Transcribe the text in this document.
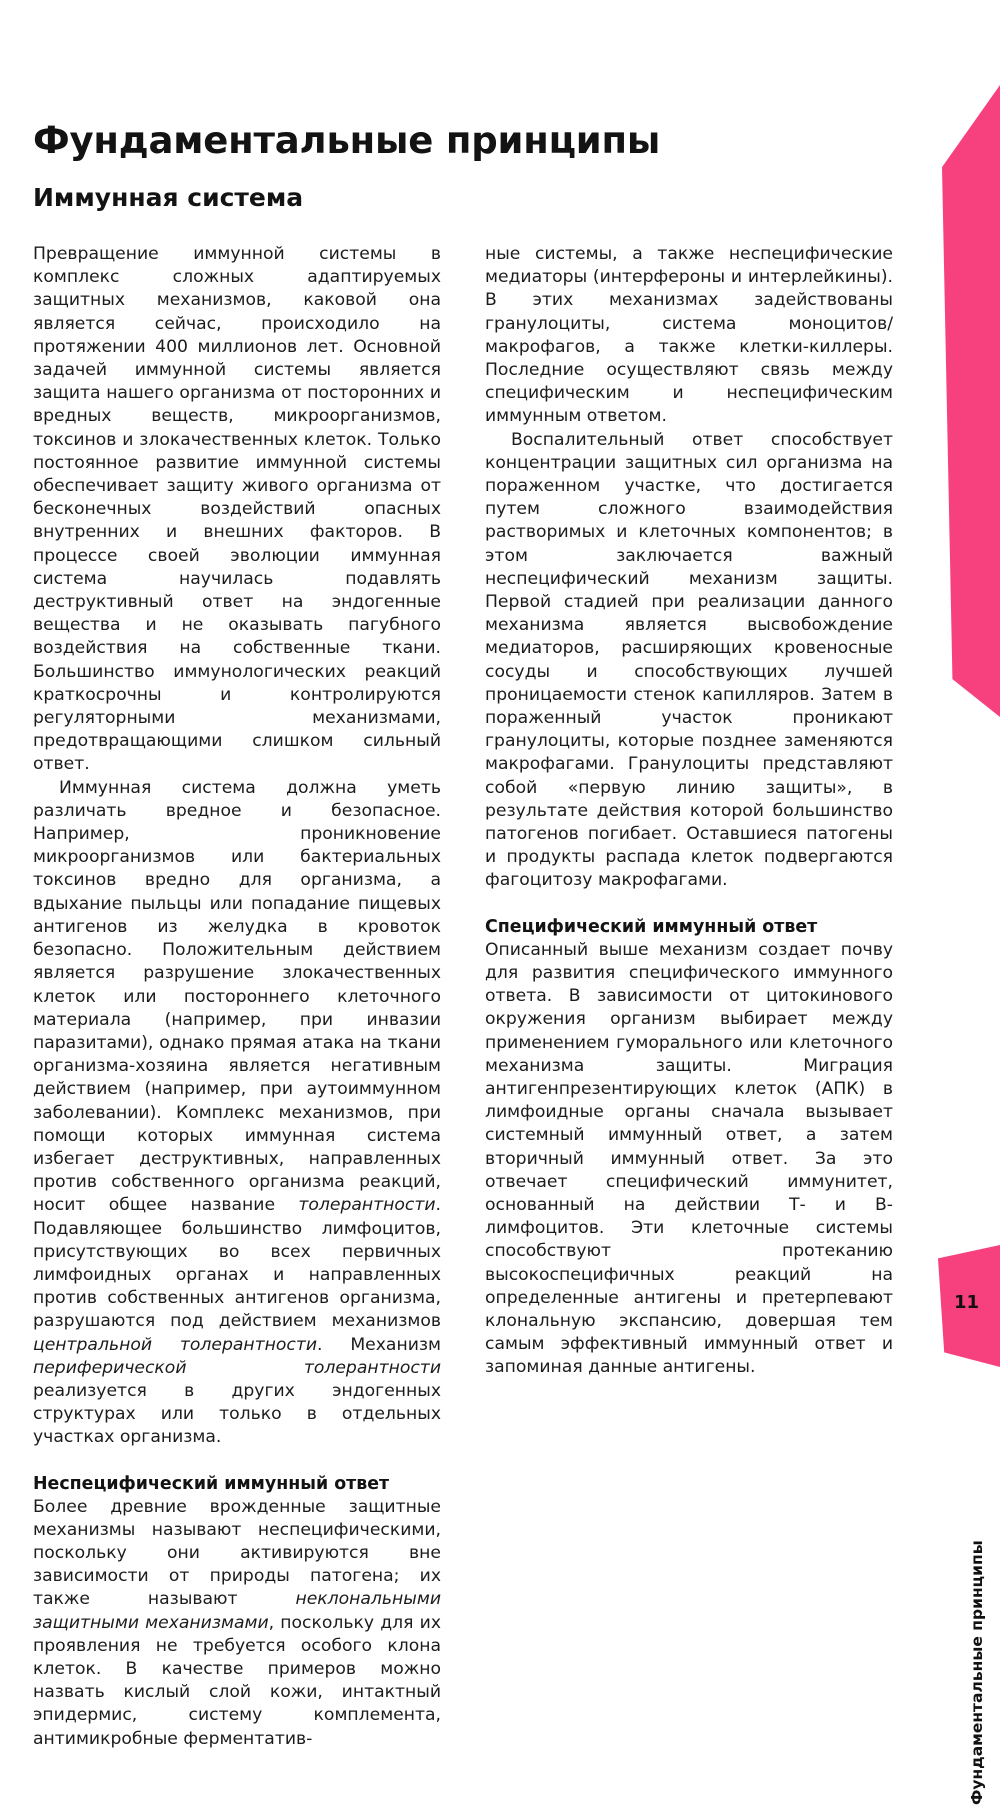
Фундаментальные принципы
Иммунная система

Превращение иммунной системы в комплекс сложных адаптируемых защитных механизмов, каковой она является сейчас, происходило на протяжении 400 миллионов лет. Основной задачей иммунной системы является защита нашего организма от посторонних и вредных веществ, микроорганизмов, токсинов и злокачественных клеток. Только постоянное развитие иммунной системы обеспечивает защиту живого организма от бесконечных воздействий опасных внутренних и внешних факторов. В процессе своей эволюции иммунная система научилась подавлять деструктивный ответ на эндогенные вещества и не оказывать пагубного воздействия на собственные ткани. Большинство иммунологических реакций краткосрочны и контролируются регуляторными механизмами, предотвращающими слишком сильный ответ.

Иммунная система должна уметь различать вредное и безопасное. Например, проникновение микроорганизмов или бактериальных токсинов вредно для организма, а вдыхание пыльцы или попадание пищевых антигенов из желудка в кровоток безопасно. Положительным действием является разрушение злокачественных клеток или постороннего клеточного материала (например, при инвазии паразитами), однако прямая атака на ткани организма-хозяина является негативным действием (например, при аутоиммунном заболевании). Комплекс механизмов, при помощи которых иммунная система избегает деструктивных, направленных против собственного организма реакций, носит общее название толерантности. Подавляющее большинство лимфоцитов, присутствующих во всех первичных лимфоидных органах и направленных против собственных антигенов организма, разрушаются под действием механизмов центральной толерантности. Механизм периферической толерантности реализуется в других эндогенных структурах или только в отдельных участках организма.

Неспецифический иммунный ответ

Более древние врожденные защитные механизмы называют неспецифическими, поскольку они активируются вне зависимости от природы патогена; их также называют неклональными защитными механизмами, поскольку для их проявления не требуется особого клона клеток. В качестве примеров можно назвать кислый слой кожи, интактный эпидермис, систему комплемента, антимикробные ферментатив-

ные системы, а также неспецифические медиаторы (интерфероны и интерлейкины). В этих механизмах задействованы гранулоциты, система моноцитов/макрофагов, а также клетки-киллеры. Последние осуществляют связь между специфическим и неспецифическим иммунным ответом.

Воспалительный ответ способствует концентрации защитных сил организма на пораженном участке, что достигается путем сложного взаимодействия растворимых и клеточных компонентов; в этом заключается важный неспецифический механизм защиты. Первой стадией при реализации данного механизма является высвобождение медиаторов, расширяющих кровеносные сосуды и способствующих лучшей проницаемости стенок капилляров. Затем в пораженный участок проникают гранулоциты, которые позднее заменяются макрофагами. Гранулоциты представляют собой «первую линию защиты», в результате действия которой большинство патогенов погибает. Оставшиеся патогены и продукты распада клеток подвергаются фагоцитозу макрофагами.

Специфический иммунный ответ

Описанный выше механизм создает почву для развития специфического иммунного ответа. В зависимости от цитокинового окружения организм выбирает между применением гуморального или клеточного механизма защиты. Миграция антигенпрезентирующих клеток (АПК) в лимфоидные органы сначала вызывает системный иммунный ответ, а затем вторичный иммунный ответ. За это отвечает специфический иммунитет, основанный на действии Т- и В-лимфоцитов. Эти клеточные системы способствуют протеканию высокоспецифичных реакций на определенные антигены и претерпевают клональную экспансию, довершая тем самым эффективный иммунный ответ и запоминая данные антигены.

Фундаментальные принципы
11
